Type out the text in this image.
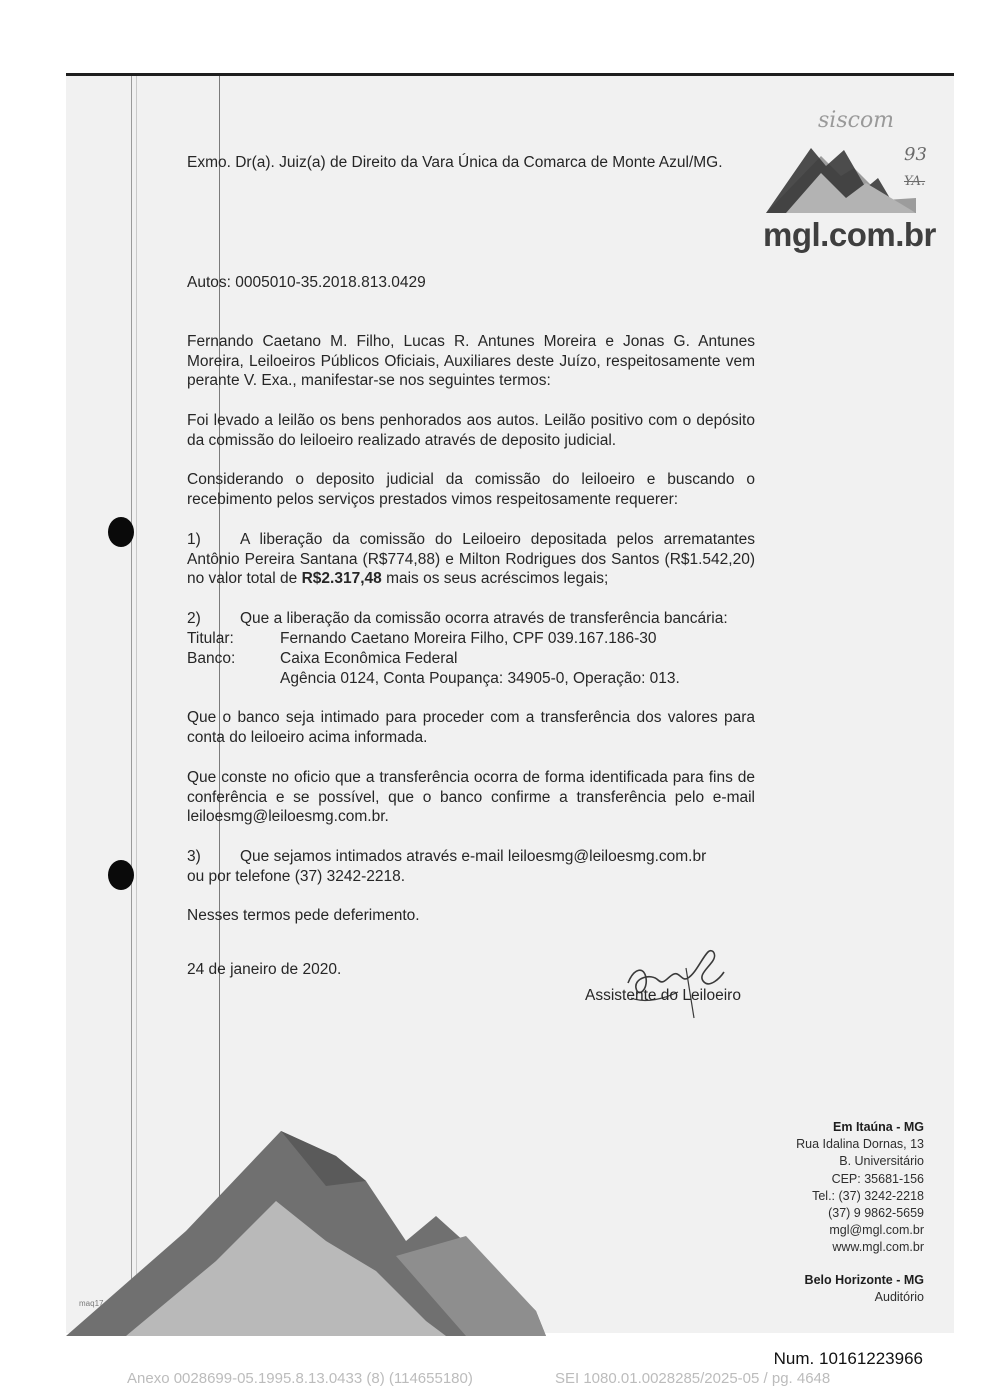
Exmo. Dr(a). Juiz(a) de Direito da Vara Única da Comarca de Monte Azul/MG.
siscom
93
YA.
mgl.com.br
Autos: 0005010-35.2018.813.0429
Fernando Caetano M. Filho, Lucas R. Antunes Moreira e Jonas G. Antunes Moreira, Leiloeiros Públicos Oficiais, Auxiliares deste Juízo, respeitosamente vem perante V. Exa., manifestar-se nos seguintes termos:
Foi levado a leilão os bens penhorados aos autos. Leilão positivo com o depósito da comissão do leiloeiro realizado através de deposito judicial.
Considerando o deposito judicial da comissão do leiloeiro e buscando o recebimento pelos serviços prestados vimos respeitosamente requerer:
1)	A liberação da comissão do Leiloeiro depositada pelos arrematantes Antônio Pereira Santana (R$774,88) e Milton Rodrigues dos Santos (R$1.542,20) no valor total de R$2.317,48 mais os seus acréscimos legais;
2)	Que a liberação da comissão ocorra através de transferência bancária:
Titular:	Fernando Caetano Moreira Filho, CPF 039.167.186-30
Banco:	Caixa Econômica Federal
Agência 0124, Conta Poupança: 34905-0, Operação: 013.
Que o banco seja intimado para proceder com a transferência dos valores para conta do leiloeiro acima informada.
Que conste no oficio que a transferência ocorra de forma identificada para fins de conferência e se possível, que o banco confirme a transferência pelo e-mail leiloesmg@leiloesmg.com.br.
3)	Que sejamos intimados através e-mail leiloesmg@leiloesmg.com.br
ou por telefone (37) 3242-2218.
Nesses termos pede deferimento.
24 de janeiro de 2020.
Assistente do Leiloeiro
maq17
Em Itaúna - MG
Rua Idalina Dornas, 13
B. Universitário
CEP: 35681-156
Tel.: (37) 3242-2218
(37) 9 9862-5659
mgl@mgl.com.br
www.mgl.com.br
Belo Horizonte - MG
Auditório
Num. 10161223966
Anexo 0028699-05.1995.8.13.0433 (8) (114655180)	SEI 1080.01.0028285/2025-05 / pg. 4648
